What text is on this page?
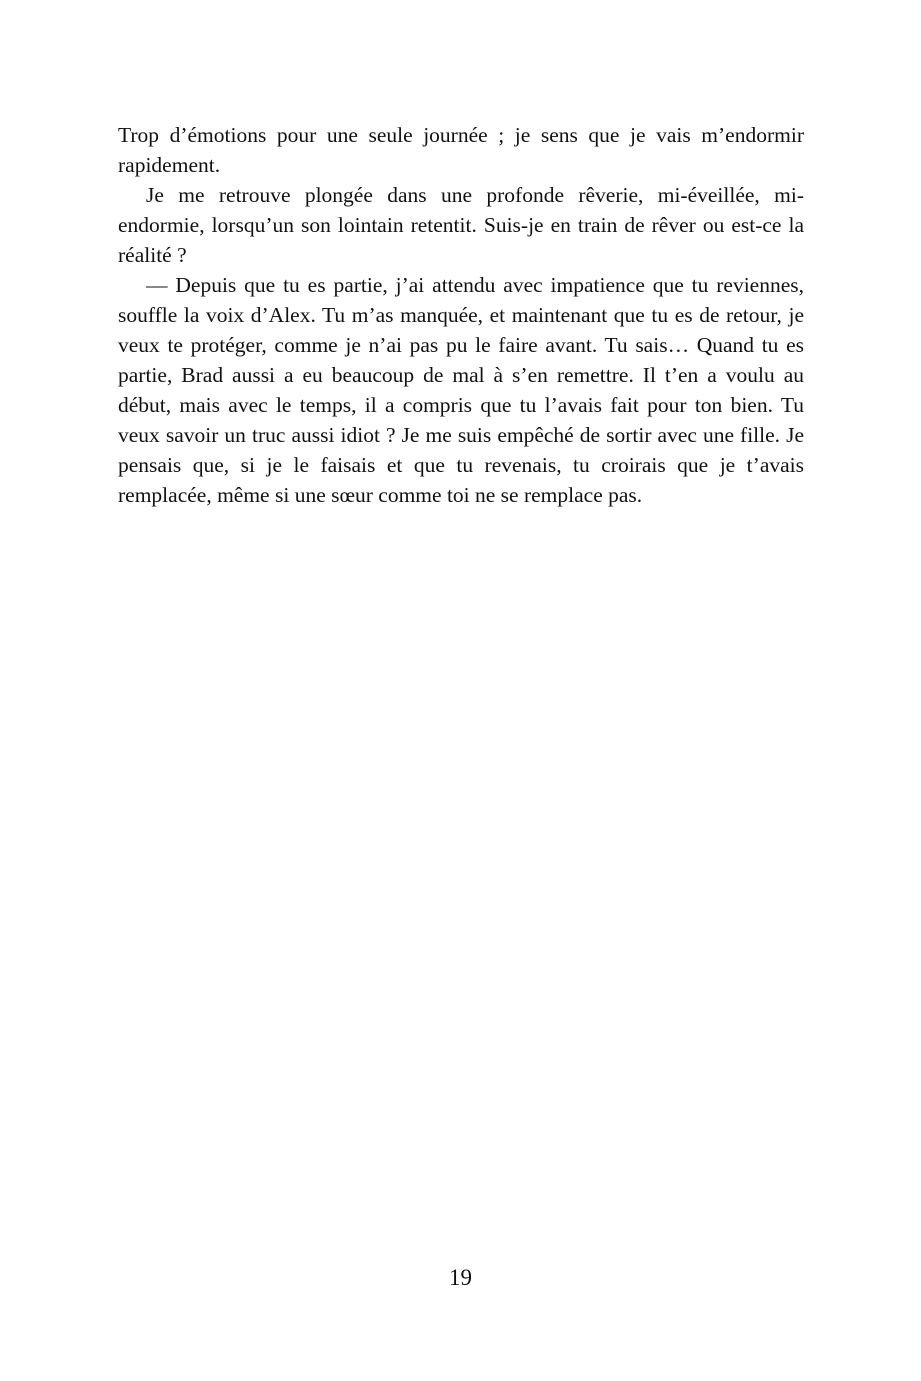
Trop d’émotions pour une seule journée ; je sens que je vais m’endormir rapidement.

Je me retrouve plongée dans une profonde rêverie, mi-éveillée, mi-endormie, lorsqu’un son lointain retentit. Suis-je en train de rêver ou est-ce la réalité ?

— Depuis que tu es partie, j’ai attendu avec impatience que tu reviennes, souffle la voix d’Alex. Tu m’as manquée, et maintenant que tu es de retour, je veux te protéger, comme je n’ai pas pu le faire avant. Tu sais… Quand tu es partie, Brad aussi a eu beaucoup de mal à s’en remettre. Il t’en a voulu au début, mais avec le temps, il a compris que tu l’avais fait pour ton bien. Tu veux savoir un truc aussi idiot ? Je me suis empêché de sortir avec une fille. Je pensais que, si je le faisais et que tu revenais, tu croirais que je t’avais remplacée, même si une sœur comme toi ne se remplace pas.

19
